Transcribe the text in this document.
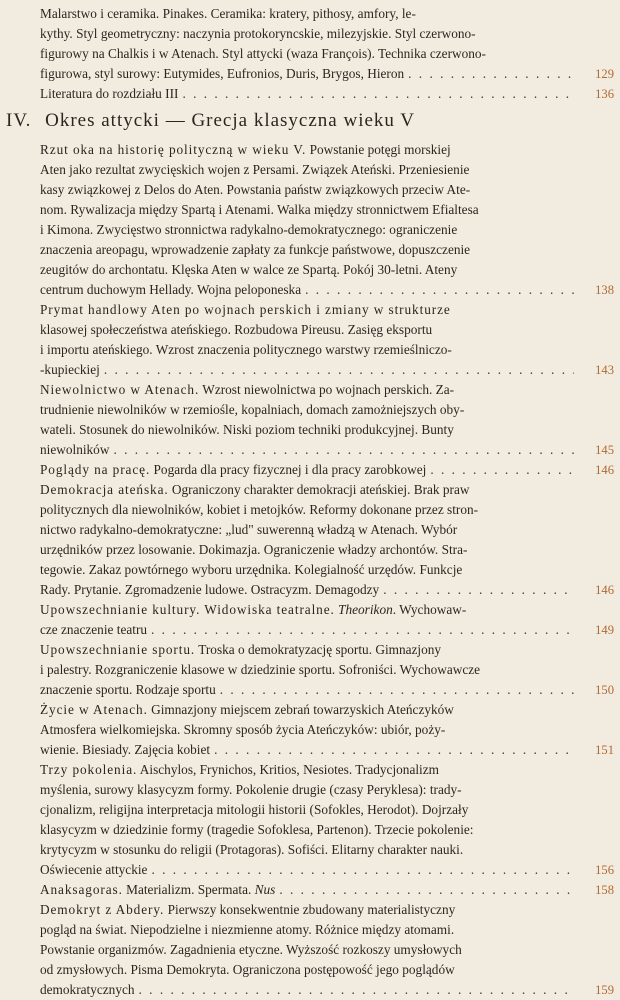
Malarstwo i ceramika. Pinakes. Ceramika: kratery, pithosy, amfory, le-
kythy. Styl geometryczny: naczynia protokoryncskie, milezyjskie. Styl czerwono-
figurowy na Chalkis i w Atenach. Styl attycki (waza François). Technika czerwono-
figurowa, styl surowy: Eutymides, Eufronios, Duris, Brygos, Hieron . . .	129
Literatura do rozdziału III . . .	136
IV. Okres attycki — Grecja klasyczna wieku V
Rzut oka na historię polityczną w wieku V. Powstanie potęgi morskiej
Aten jako rezultat zwycięskich wojen z Persami. Związek Ateński. Przeniesienie
kasy związkowej z Delos do Aten. Powstania państw związkowych przeciw Ate-
nom. Rywalizacja między Spartą i Atenami. Walka między stronnictwem Efialtesa
i Kimona. Zwycięstwo stronnictwa radykalno-demokratycznego: ograniczenie
znaczenia areopagu, wprowadzenie zapłaty za funkcje państwowe, dopuszczenie
zeugitów do archontatu. Klęska Aten w walce ze Spartą. Pokój 30-letni. Ateny
centrum duchowym Hellady. Wojna peloponeska . . .	138
Prymat handlowy Aten po wojnach perskich i zmiany w strukturze
klasowej społeczeństwa ateńskiego. Rozbudowa Pireusu. Zasięg eksportu
i importu ateńskiego. Wzrost znaczenia politycznego warstwy rzemieślniczo-
-kupieckiej . . .	143
Niewolnictwo w Atenach. Wzrost niewolnictwa po wojnach perskich. Za-
trudnienie niewolników w rzemiośle, kopalniach, domach zamożniejszych oby-
wateli. Stosunek do niewolników. Niski poziom techniki produkcyjnej. Bunty
niewolników . . .	145
Poglądy na pracę. Pogarda dla pracy fizycznej i dla pracy zarobkowej . . .	146
Demokracja ateńska. Ograniczony charakter demokracji ateńskiej. Brak praw
politycznych dla niewolników, kobiet i metojków. Reformy dokonane przez stron-
nictwo radykalno-demokratyczne: „lud" suwerenną władzą w Atenach. Wybór
urzędników przez losowanie. Dokimazja. Ograniczenie władzy archontów. Stra-
tegowie. Zakaz powtórnego wyboru urzędnika. Kolegialność urzędów. Funkcje
Rady. Prytanie. Zgromadzenie ludowe. Ostracyzm. Demagodzy . . .	146
Upowszechnianie kultury. Widowiska teatralne. Theorikon. Wychowaw-
cze znaczenie teatru . . .	149
Upowszechnianie sportu. Troska o demokratyzację sportu. Gimnazjony
i palestry. Rozgraniczenie klasowe w dziedzinie sportu. Sofroniści. Wychowawcze
znaczenie sportu. Rodzaje sportu . . .	150
Życie w Atenach. Gimnazjony miejscem zebrań towarzyskich Ateńczyków
Atmosfera wielkomiejska. Skromny sposób życia Ateńczyków: ubiór, poży-
wienie. Biesiady. Zajęcia kobiet . . .	151
Trzy pokolenia. Aischylos, Frynichos, Kritios, Nesiotes. Tradycjonalizm
myślenia, surowy klasycyzm formy. Pokolenie drugie (czasy Peryklesa): trady-
cjonalizm, religijna interpretacja mitologii historii (Sofokles, Herodot). Dojrzały
klasycyzm w dziedzinie formy (tragedie Sofoklesa, Partenon). Trzecie pokolenie:
krytycyzm w stosunku do religii (Protagoras). Sofiści. Elitarny charakter nauki.
Oświecenie attyckie . . .	156
Anaksagoras. Materializm. Spermata. Nus . . .	158
Demokryt z Abdery. Pierwszy konsekwentnie zbudowany materialistyczny
pogląd na świat. Niepodzielne i niezmienne atomy. Różnice między atomami.
Powstanie organizmów. Zagadnienia etyczne. Wyższość rozkoszy umysłowych
od zmysłowych. Pisma Demokryta. Ograniczona postępowość jego poglądów
demokratycznych . . .	159
